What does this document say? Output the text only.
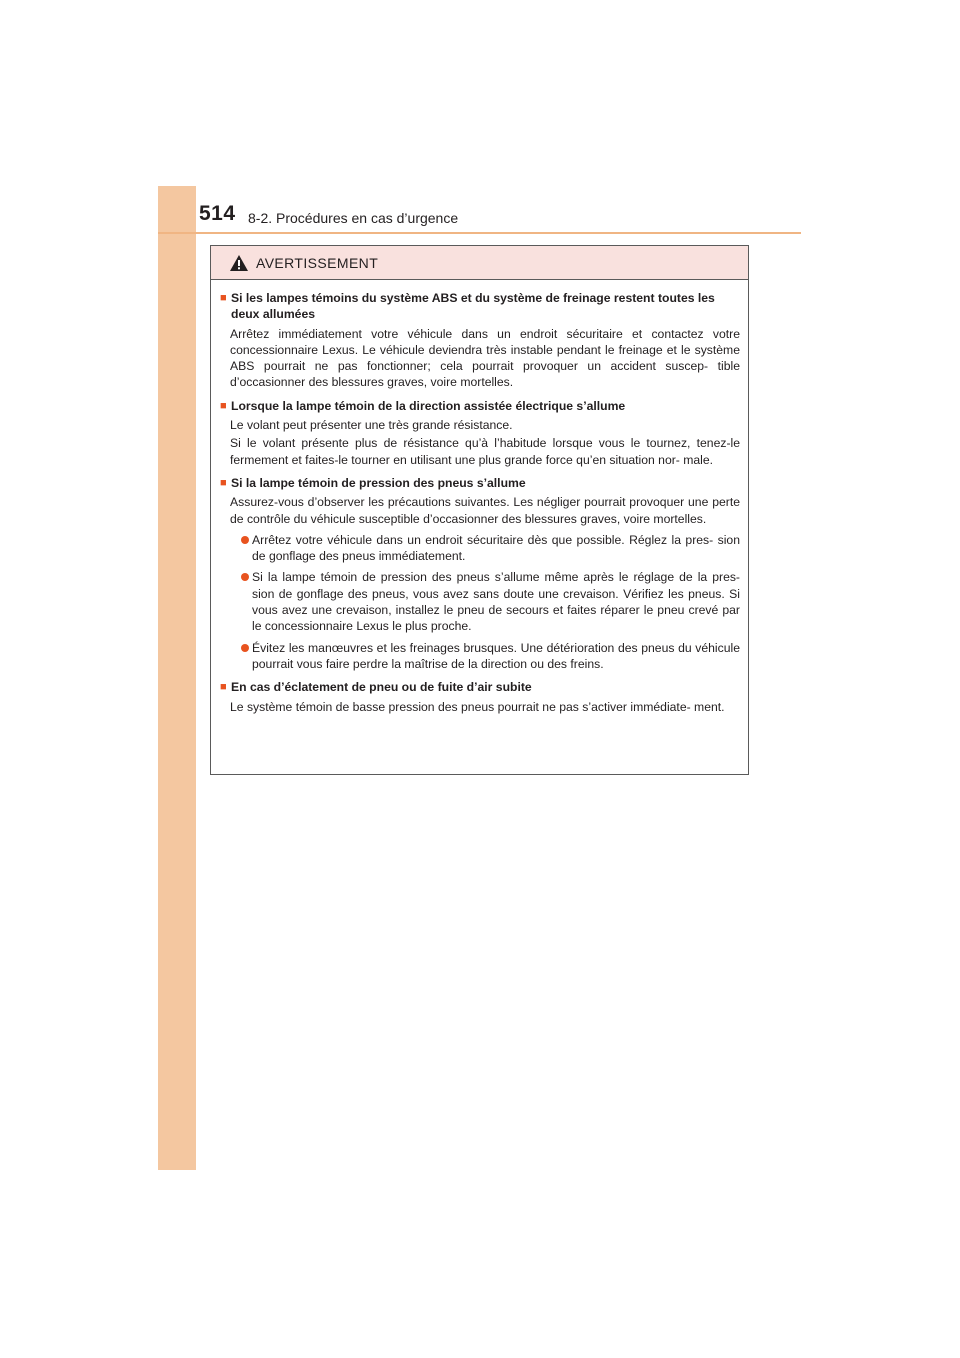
514 8-2. Procédures en cas d’urgence
AVERTISSEMENT
■ Si les lampes témoins du système ABS et du système de freinage restent toutes les deux allumées

Arrêtez immédiatement votre véhicule dans un endroit sécuritaire et contactez votre concessionnaire Lexus. Le véhicule deviendra très instable pendant le freinage et le système ABS pourrait ne pas fonctionner; cela pourrait provoquer un accident suscep- tible d’occasionner des blessures graves, voire mortelles.

■ Lorsque la lampe témoin de la direction assistée électrique s’allume

Le volant peut présenter une très grande résistance.

Si le volant présente plus de résistance qu’à l’habitude lorsque vous le tournez, tenez-le fermement et faites-le tourner en utilisant une plus grande force qu’en situation nor- male.

■ Si la lampe témoin de pression des pneus s’allume

Assurez-vous d’observer les précautions suivantes. Les négliger pourrait provoquer une perte de contrôle du véhicule susceptible d’occasionner des blessures graves, voire mortelles.

Arrêtez votre véhicule dans un endroit sécuritaire dès que possible. Réglez la pres- sion de gonflage des pneus immédiatement.
Si la lampe témoin de pression des pneus s’allume même après le réglage de la pres- sion de gonflage des pneus, vous avez sans doute une crevaison. Vérifiez les pneus. Si vous avez une crevaison, installez le pneu de secours et faites réparer le pneu crevé par le concessionnaire Lexus le plus proche.
Évitez les manœuvres et les freinages brusques. Une détérioration des pneus du véhicule pourrait vous faire perdre la maîtrise de la direction ou des freins.
■ En cas d’éclatement de pneu ou de fuite d’air subite

Le système témoin de basse pression des pneus pourrait ne pas s’activer immédiate- ment.
